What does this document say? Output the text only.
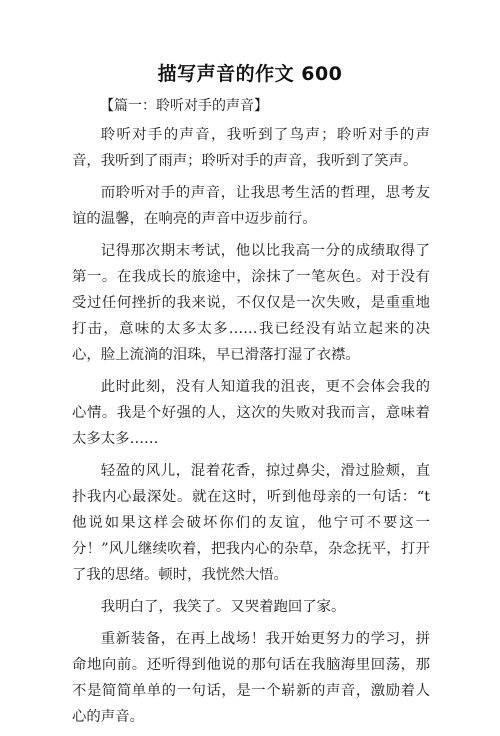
描写声音的作文 600
【篇一：聆听对手的声音】

聆听对手的声音，我听到了鸟声；聆听对手的声音，我听到了雨声；聆听对手的声音，我听到了笑声。

而聆听对手的声音，让我思考生活的哲理，思考友谊的温馨，在响亮的声音中迈步前行。

记得那次期末考试，他以比我高一分的成绩取得了第一。在我成长的旅途中，涂抹了一笔灰色。对于没有受过任何挫折的我来说，不仅仅是一次失败，是重重地打击，意味的太多太多……我已经没有站立起来的决心，脸上流淌的泪珠，早已滑落打湿了衣襟。

此时此刻，没有人知道我的沮丧，更不会体会我的心情。我是个好强的人，这次的失败对我而言，意味着太多太多……

轻盈的风儿，混着花香，掠过鼻尖，滑过脸颊，直扑我内心最深处。就在这时，听到他母亲的一句话：“t 他说如果这样会破坏你们的友谊，他宁可不要这一分！”风儿继续吹着，把我内心的杂草，杂念抚平，打开了我的思绪。顿时，我恍然大悟。

我明白了，我笑了。又哭着跑回了家。

重新装备，在再上战场！我开始更努力的学习，拼命地向前。还听得到他说的那句话在我脑海里回荡，那不是简简单单的一句话，是一个崭新的声音，激励着人心的声音。
